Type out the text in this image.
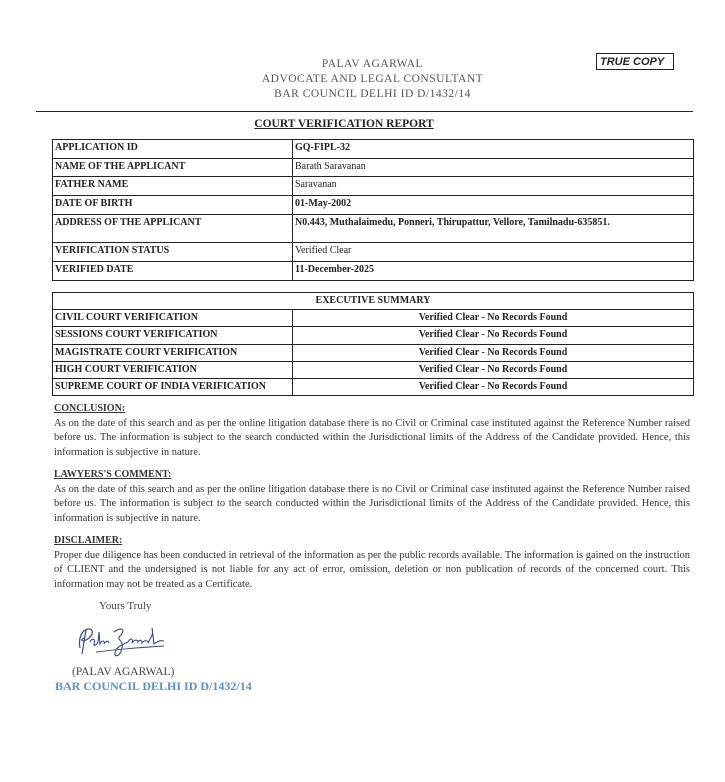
PALAV AGARWAL
ADVOCATE AND LEGAL CONSULTANT
BAR COUNCIL DELHI ID D/1432/14
TRUE COPY
COURT VERIFICATION REPORT
APPLICATION ID	GQ-FIPL-32
NAME OF THE APPLICANT	Barath Saravanan
FATHER NAME	Saravanan
DATE OF BIRTH	01-May-2002
ADDRESS OF THE APPLICANT	N0.443, Muthalaimedu, Ponneri, Thirupattur, Vellore, Tamilnadu-635851.
VERIFICATION STATUS	Verified Clear
VERIFIED DATE	11-December-2025
EXECUTIVE SUMMARY	
CIVIL COURT VERIFICATION	Verified Clear - No Records Found
SESSIONS COURT VERIFICATION	Verified Clear - No Records Found
MAGISTRATE COURT VERIFICATION	Verified Clear - No Records Found
HIGH COURT VERIFICATION	Verified Clear - No Records Found
SUPREME COURT OF INDIA VERIFICATION	Verified Clear - No Records Found
CONCLUSION:
As on the date of this search and as per the online litigation database there is no Civil or Criminal case instituted against the Reference Number raised before us. The information is subject to the search conducted within the Jurisdictional limits of the Address of the Candidate provided. Hence, this information is subjective in nature.
LAWYERS'S COMMENT:
As on the date of this search and as per the online litigation database there is no Civil or Criminal case instituted against the Reference Number raised before us. The information is subject to the search conducted within the Jurisdictional limits of the Address of the Candidate provided. Hence, this information is subjective in nature.
DISCLAIMER:
Proper due diligence has been conducted in retrieval of the information as per the public records available. The information is gained on the instruction of CLIENT and the undersigned is not liable for any act of error, omission, deletion or non publication of records of the concerned court. This information may not be treated as a Certificate.
Yours Truly
(PALAV AGARWAL)
BAR COUNCIL DELHI ID D/1432/14
